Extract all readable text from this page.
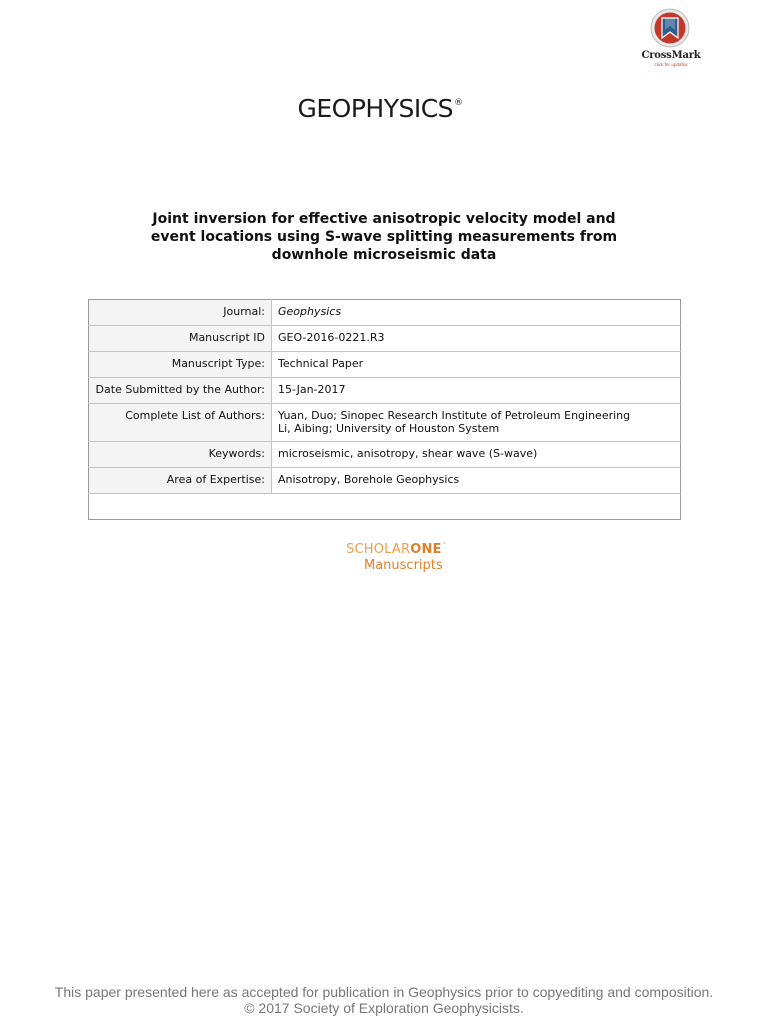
CrossMark
click for updates
GEOPHYSICS®
Joint inversion for effective anisotropic velocity model and
event locations using S-wave splitting measurements from
downhole microseismic data
Journal:	Geophysics
Manuscript ID	GEO-2016-0221.R3
Manuscript Type:	Technical Paper
Date Submitted by the Author:	15-Jan-2017
Complete List of Authors:	Yuan, Duo; Sinopec Research Institute of Petroleum Engineering
Li, Aibing; University of Houston System

Keywords:	microseismic, anisotropy, shear wave (S-wave)
Area of Expertise:	Anisotropy, Borehole Geophysics

SCHOLARONE™
Manuscripts
This paper presented here as accepted for publication in Geophysics prior to copyediting and composition.
© 2017 Society of Exploration Geophysicists.
